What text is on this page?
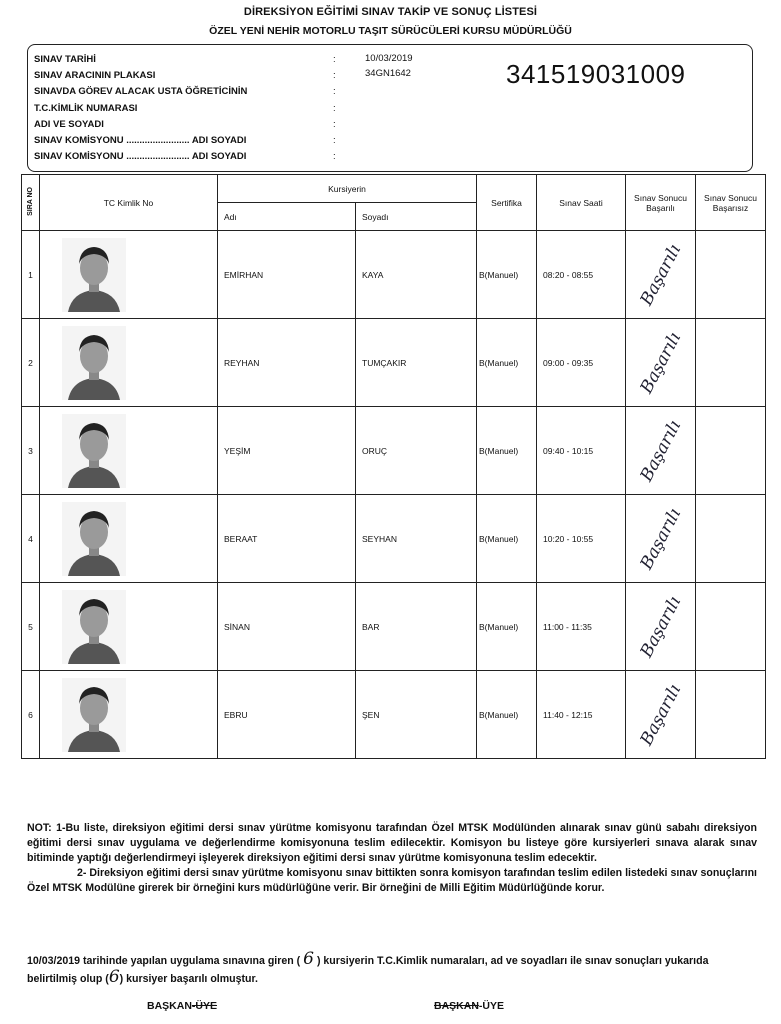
DİREKSİYON EĞİTİMİ SINAV TAKİP VE SONUÇ LİSTESİ
ÖZEL YENİ NEHİR MOTORLU TAŞIT SÜRÜCÜLERİ KURSU MÜDÜRLÜĞÜ
SINAV TARİHİ	:	10/03/2019
SINAV ARACININ PLAKASI	:	34GN1642
SINAVDA GÖREV ALACAK USTA ÖĞRETİCİNİN	:
T.C.KİMLİK NUMARASI	:
ADI VE SOYADI	:
SINAV KOMİSYONU ........................ ADI SOYADI	:
SINAV KOMİSYONU ........................ ADI SOYADI	:
341519031009
SIRA NO	TC Kimlik No	Kursiyerin		Sertifika	Sınav Saati	Sınav Sonucu Başarılı	Sınav Sonucu Başarısız
		Adı	Soyadı				
1		EMİRHAN	KAYA	B(Manuel)	08:20 - 08:55	Başarılı	

2		REYHAN	TUMÇAKIR	B(Manuel)	09:00 - 09:35	Başarılı	

3		YEŞİM	ORUÇ	B(Manuel)	09:40 - 10:15	Başarılı	

4		BERAAT	SEYHAN	B(Manuel)	10:20 - 10:55	Başarılı	

5		SİNAN	BAR	B(Manuel)	11:00 - 11:35	Başarılı	

6		EBRU	ŞEN	B(Manuel)	11:40 - 12:15	Başarılı	

NOT: 1-Bu liste, direksiyon eğitimi dersi sınav yürütme komisyonu tarafından Özel MTSK Modülünden alınarak sınav günü sabahı direksiyon eğitimi dersi sınav uygulama ve değerlendirme komisyonuna teslim edilecektir. Komisyon bu listeye göre kursiyerleri sınava alarak sınav bitiminde yaptığı değerlendirmeyi işleyerek direksiyon eğitimi dersi sınav yürütme komisyonuna teslim edecektir.

2- Direksiyon eğitimi dersi sınav yürütme komisyonu sınav bittikten sonra komisyon tarafından teslim edilen listedeki sınav sonuçlarını Özel MTSK Modülüne girerek bir örneğini kurs müdürlüğüne verir. Bir örneğini de Milli Eğitim Müdürlüğünde korur.

10/03/2019 tarihinde yapılan uygulama sınavına giren ( 6 ) kursiyerin T.C.Kimlik numaraları, ad ve soyadları ile sınav sonuçları yukarıda belirtilmiş olup (6) kursiyer başarılı olmuştur.
BAŞKAN-ÜYE	BAŞKAN-ÜYE
